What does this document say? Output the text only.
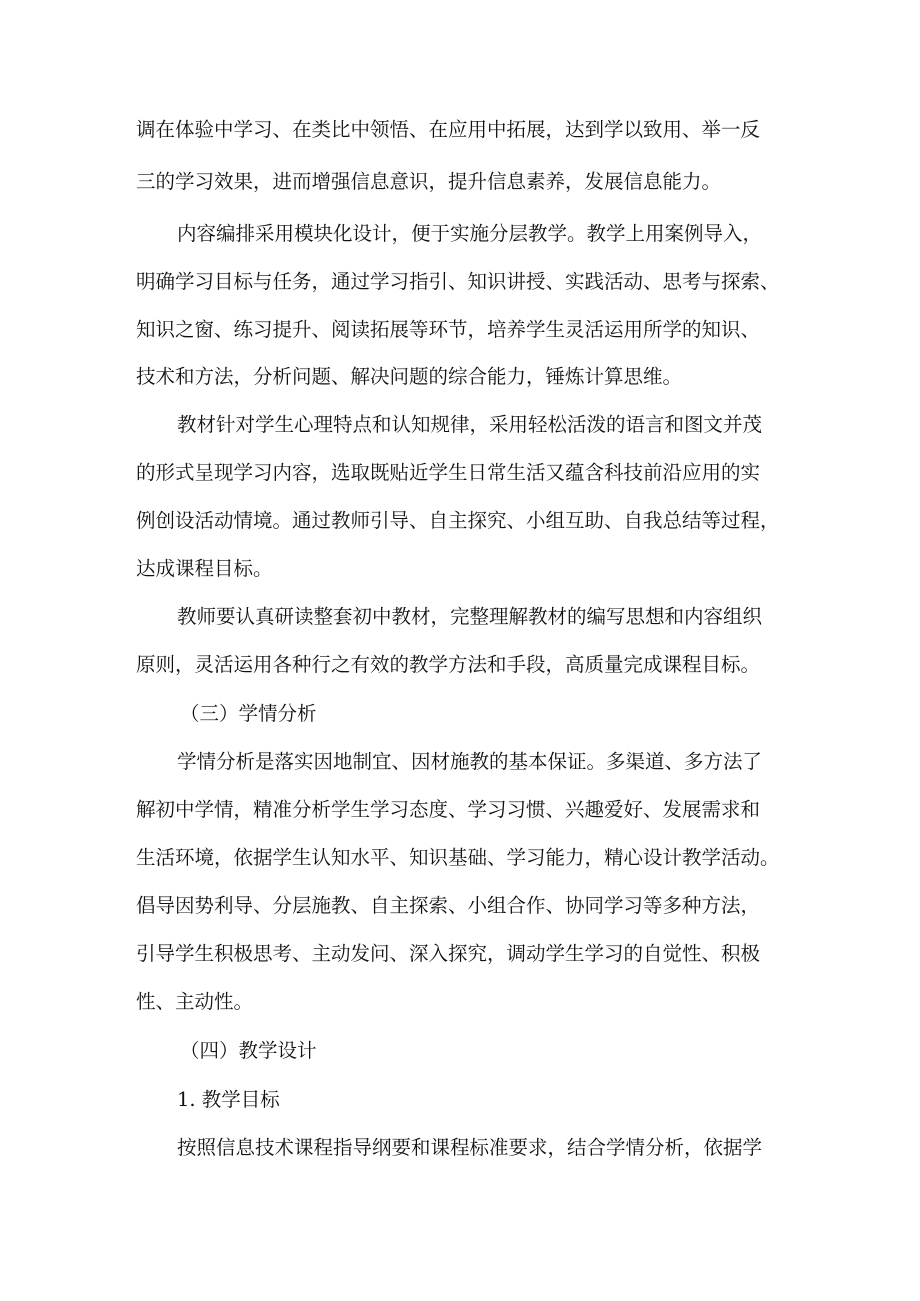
调在体验中学习、在类比中领悟、在应用中拓展，达到学以致用、举一反
三的学习效果，进而增强信息意识，提升信息素养，发展信息能力。
内容编排采用模块化设计，便于实施分层教学。教学上用案例导入，
明确学习目标与任务，通过学习指引、知识讲授、实践活动、思考与探索、
知识之窗、练习提升、阅读拓展等环节，培养学生灵活运用所学的知识、
技术和方法，分析问题、解决问题的综合能力，锤炼计算思维。
教材针对学生心理特点和认知规律，采用轻松活泼的语言和图文并茂
的形式呈现学习内容，选取既贴近学生日常生活又蕴含科技前沿应用的实
例创设活动情境。通过教师引导、自主探究、小组互助、自我总结等过程，
达成课程目标。
教师要认真研读整套初中教材，完整理解教材的编写思想和内容组织
原则，灵活运用各种行之有效的教学方法和手段，高质量完成课程目标。
（三）学情分析
学情分析是落实因地制宜、因材施教的基本保证。多渠道、多方法了
解初中学情，精准分析学生学习态度、学习习惯、兴趣爱好、发展需求和
生活环境，依据学生认知水平、知识基础、学习能力，精心设计教学活动。
倡导因势利导、分层施教、自主探索、小组合作、协同学习等多种方法，
引导学生积极思考、主动发问、深入探究，调动学生学习的自觉性、积极
性、主动性。
（四）教学设计
1. 教学目标
按照信息技术课程指导纲要和课程标准要求，结合学情分析，依据学
